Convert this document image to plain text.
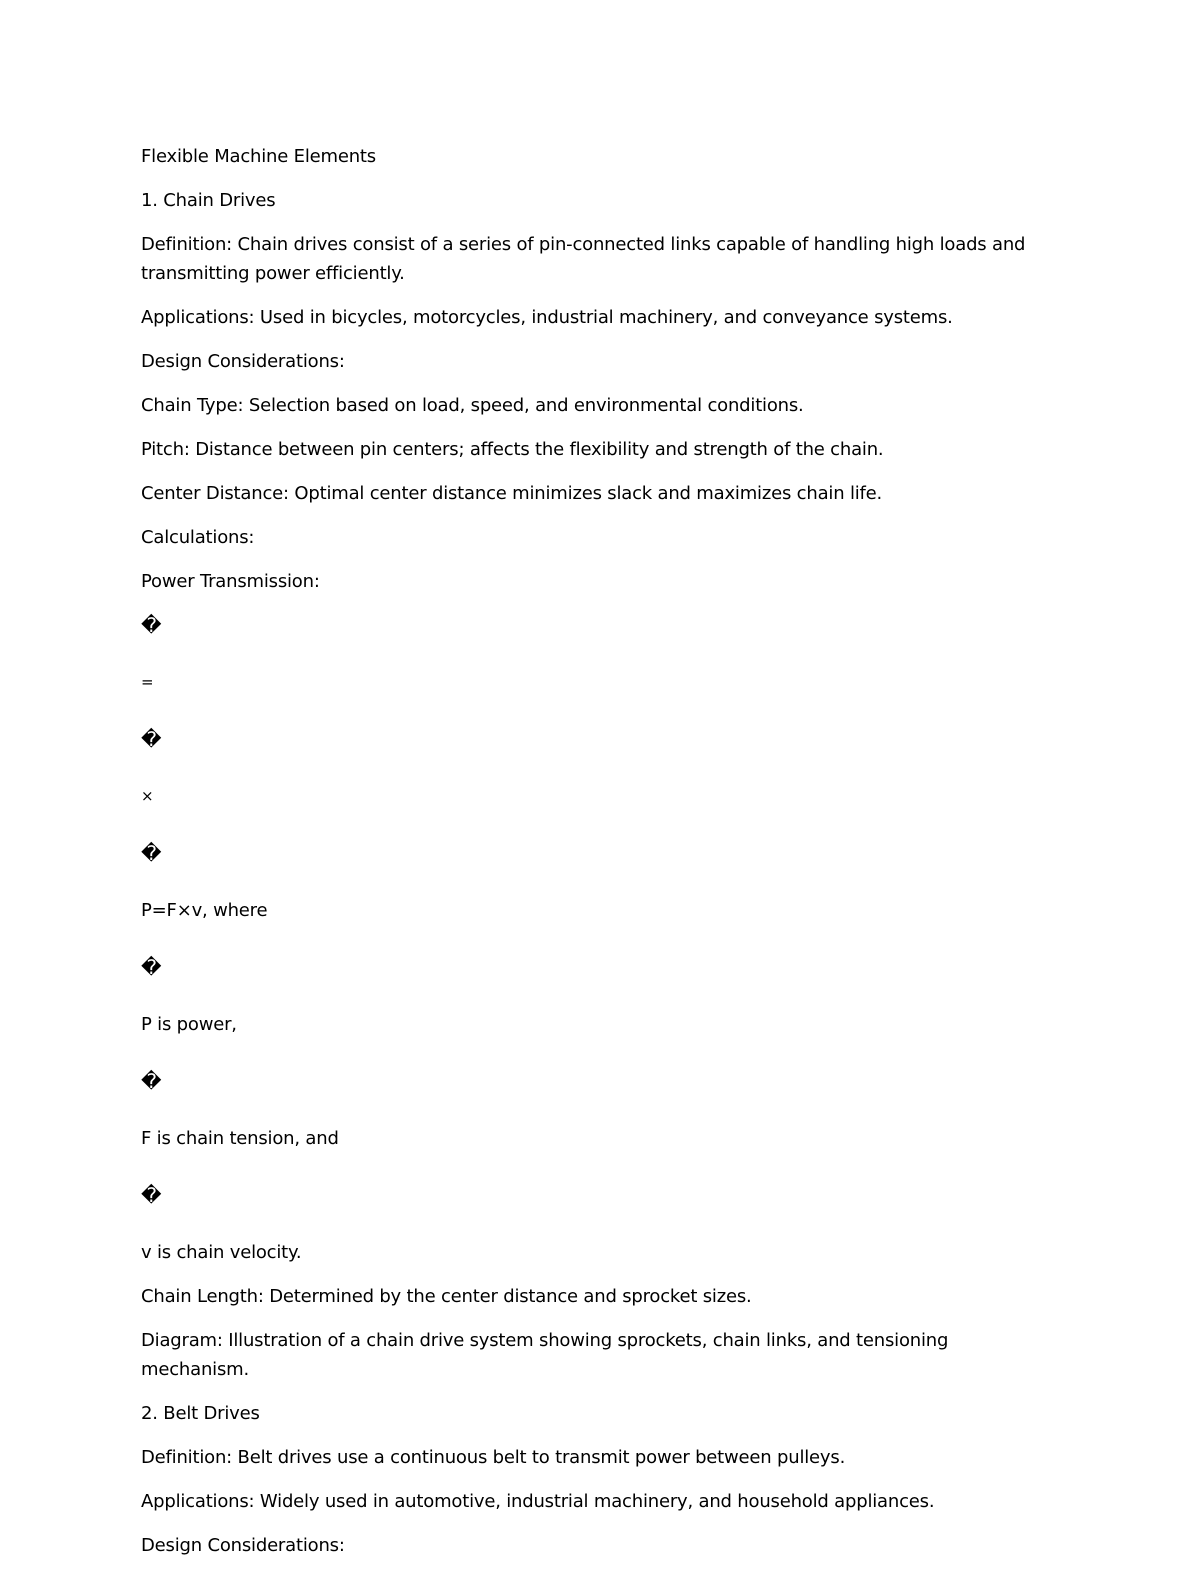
Flexible Machine Elements
1. Chain Drives
Definition: Chain drives consist of a series of pin-connected links capable of handling high loads and transmitting power efficiently.
Applications: Used in bicycles, motorcycles, industrial machinery, and conveyance systems.
Design Considerations:
Chain Type: Selection based on load, speed, and environmental conditions.
Pitch: Distance between pin centers; affects the flexibility and strength of the chain.
Center Distance: Optimal center distance minimizes slack and maximizes chain life.
Calculations:
Power Transmission:
�
=
�
×
�
P=F×v, where
�
P is power,
�
F is chain tension, and
�
v is chain velocity.
Chain Length: Determined by the center distance and sprocket sizes.
Diagram: Illustration of a chain drive system showing sprockets, chain links, and tensioning mechanism.
2. Belt Drives
Definition: Belt drives use a continuous belt to transmit power between pulleys.
Applications: Widely used in automotive, industrial machinery, and household appliances.
Design Considerations:
